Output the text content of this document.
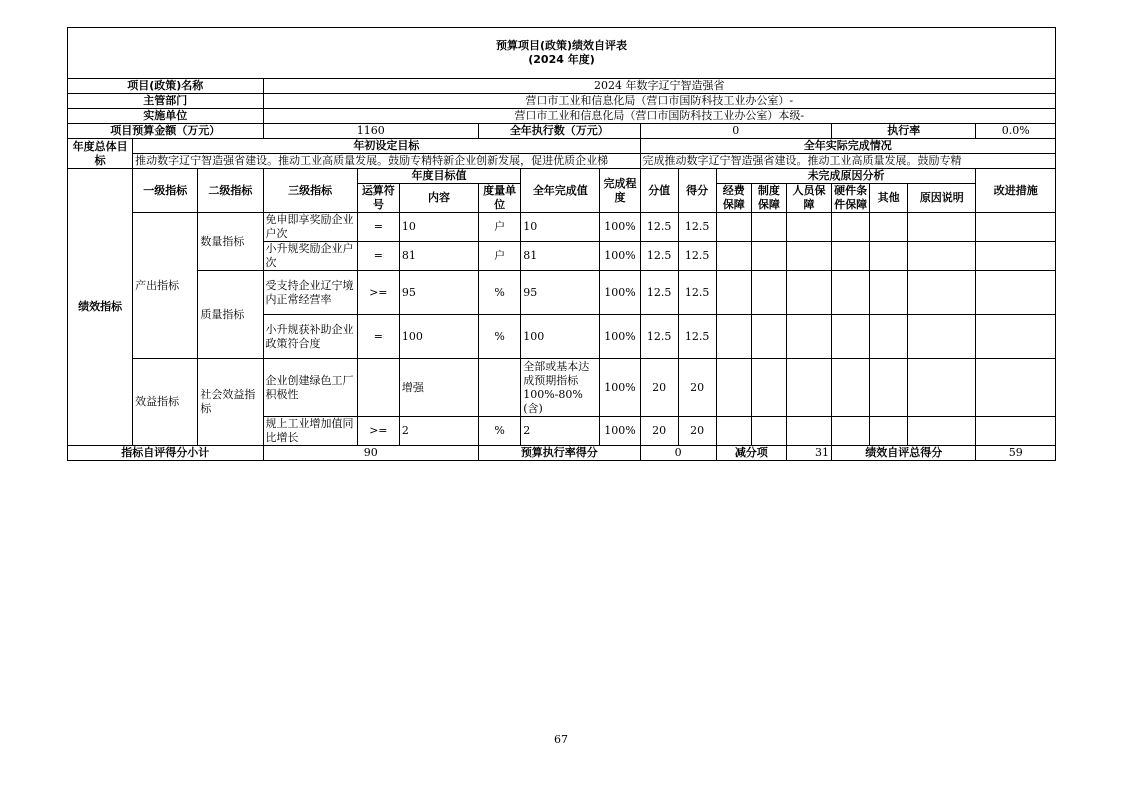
预算项目(政策)绩效自评表
(2024 年度)																	

项目(政策)名称			2024 年数字辽宁智造强省														
主管部门			营口市工业和信息化局（营口市国防科技工业办公室）-														
实施单位			营口市工业和信息化局（营口市国防科技工业办公室）本级-														
项目预算金额（万元）			1160			全年执行数（万元）			0					执行率			0.0%
年度总体目标	年初设定目标								全年实际完成情况								
	推动数字辽宁智造强省建设。推动工业高质量发展。鼓励专精特新企业创新发展，促进优质企业梯								完成推动数字辽宁智造强省建设。推动工业高质量发展。鼓励专精								
绩效指标	一级指标	二级指标	三级指标	年度目标值			全年完成值	完成程度	分值	得分	未完成原因分析						改进措施
				运算符号	内容	度量单位					经费保障	制度保障	人员保障	硬件条件保障	其他	原因说明	

	产出指标	数量指标	免申即享奖励企业户次	=	10	户	10	100%	12.5	12.5							
			小升规奖励企业户次	=	81	户	81	100%	12.5	12.5							
		质量指标	受支持企业辽宁境内正常经营率	>=	95	%	95	100%	12.5	12.5							
			小升规获补助企业政策符合度	=	100	%	100	100%	12.5	12.5							
	效益指标	社会效益指标	企业创建绿色工厂积极性		增强		全部或基本达成预期指标100%-80%(含)	100%	20	20							
			规上工业增加值同比增长	>=	2	%	2	100%	20	20							
指标自评得分小计			90			预算执行率得分			0		减分项		31	绩效自评总得分			59
67
